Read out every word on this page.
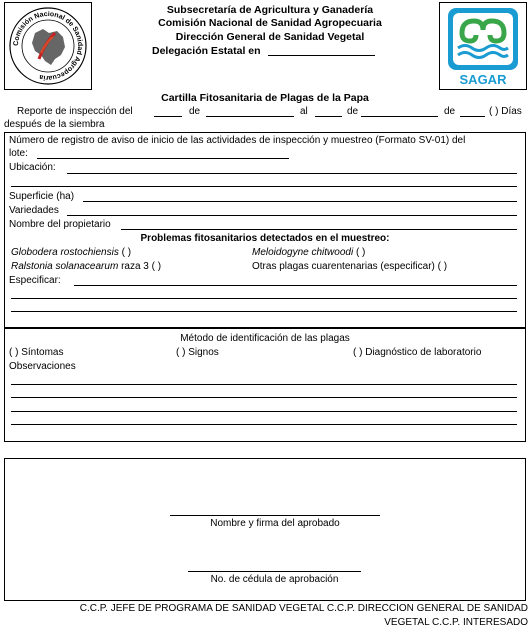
Comisión Nacional de Sanidad Agropecuaria
Subsecretaría de Agricultura y Ganadería
Comisión Nacional de Sanidad Agropecuaria
Dirección General de Sanidad Vegetal
Delegación Estatal en
SAGAR
Cartilla Fitosanitaria de Plagas de la Papa
Reporte de inspección del	de	al	de	de	( ) Días
después de la siembra
Número de registro de aviso de inicio de las actividades de inspección y muestreo (Formato SV-01) del
lote:
Ubicación:
Superficie (ha)
Variedades
Nombre del propietario
Problemas fitosanitarios detectados en el muestreo:
Globodera rostochiensis ( )	Meloidogyne chitwoodi ( )
Ralstonia solanacearum raza 3 ( )	Otras plagas cuarentenarias (especificar) ( )
Especificar:
Método de identificación de las plagas
( ) Síntomas	( ) Signos	( ) Diagnóstico de laboratorio
Observaciones
Nombre y firma del aprobado
No. de cédula de aprobación
C.C.P. JEFE DE PROGRAMA DE SANIDAD VEGETAL C.C.P. DIRECCION GENERAL DE SANIDAD
VEGETAL C.C.P. INTERESADO
